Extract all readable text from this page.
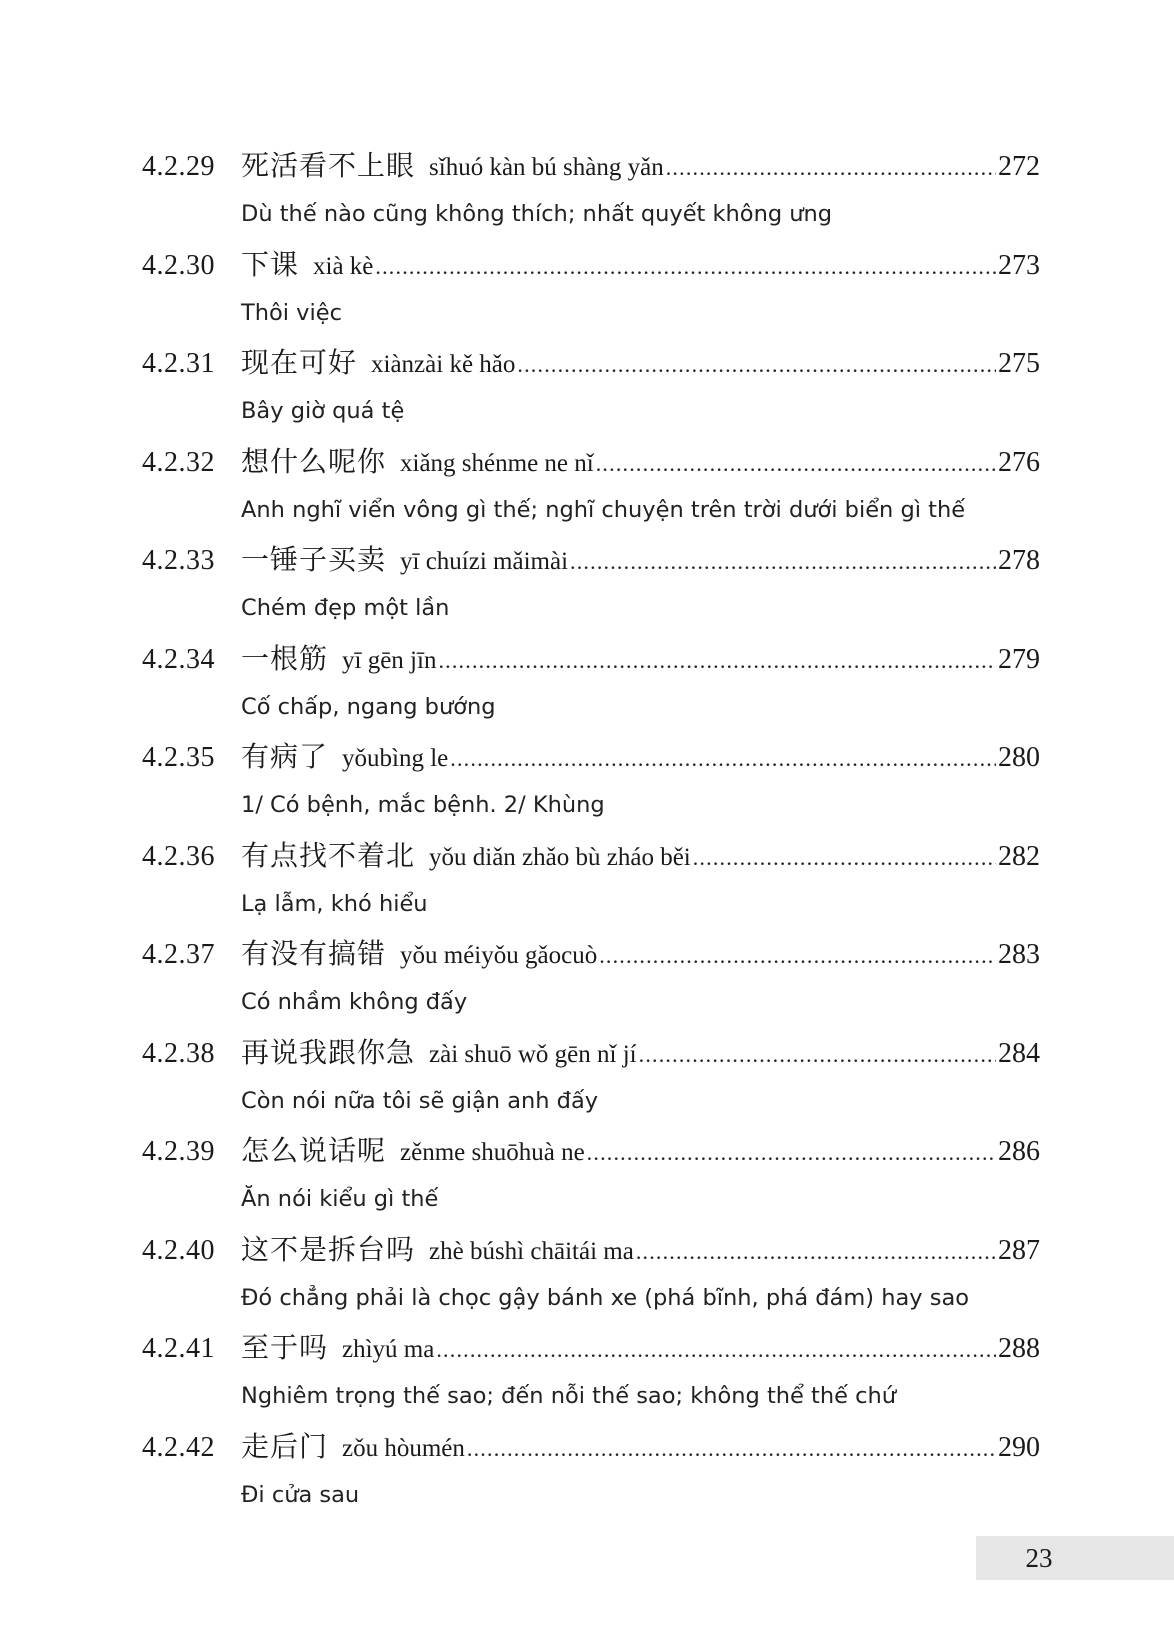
4.2.29 死活看不上眼 sǐhuó kàn bú shàng yǎn .....	272
Dù thế nào cũng không thích; nhất quyết không ưng
4.2.30 下课 xià kè .....	273
Thôi việc
4.2.31 现在可好 xiànzài kě hǎo .....	275
Bây giờ quá tệ
4.2.32 想什么呢你 xiǎng shénme ne nǐ .....	276
Anh nghĩ viển vông gì thế; nghĩ chuyện trên trời dưới biển gì thế
4.2.33 一锤子买卖 yī chuízi mǎimài .....	278
Chém đẹp một lần
4.2.34 一根筋 yī gēn jīn .....	279
Cố chấp, ngang bướng
4.2.35 有病了 yǒubìng le .....	280
1/ Có bệnh, mắc bệnh. 2/ Khùng
4.2.36 有点找不着北 yǒu diǎn zhǎo bù zháo běi .....	282
Lạ lẫm, khó hiểu
4.2.37 有没有搞错 yǒu méiyǒu gǎocuò .....	283
Có nhầm không đấy
4.2.38 再说我跟你急 zài shuō wǒ gēn nǐ jí .....	284
Còn nói nữa tôi sẽ giận anh đấy
4.2.39 怎么说话呢 zěnme shuōhuà ne .....	286
Ăn nói kiểu gì thế
4.2.40 这不是拆台吗 zhè búshì chāitái ma .....	287
Đó chẳng phải là chọc gậy bánh xe (phá bĩnh, phá đám) hay sao
4.2.41 至于吗 zhìyú ma .....	288
Nghiêm trọng thế sao; đến nỗi thế sao; không thể thế chứ
4.2.42 走后门 zǒu hòumén .....	290
Đi cửa sau
23
